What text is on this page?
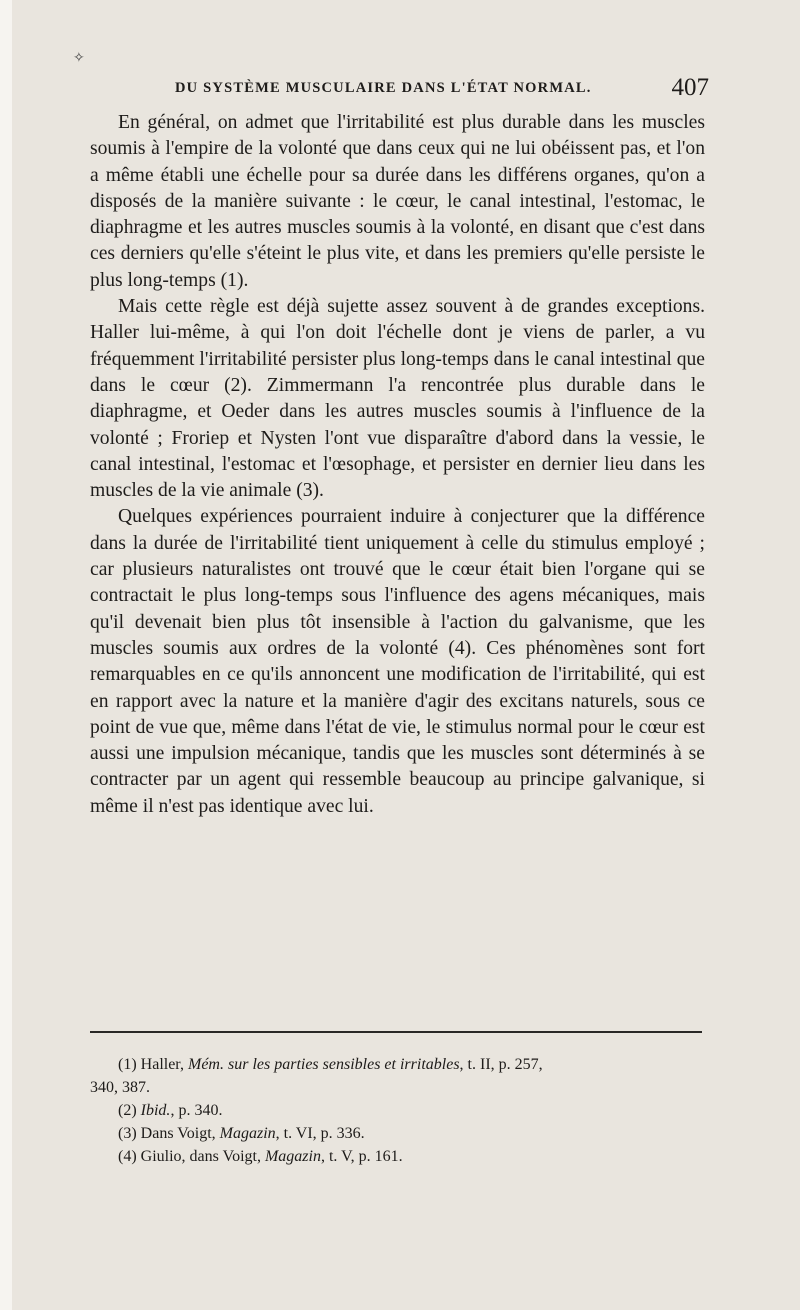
✧
DU SYSTÈME MUSCULAIRE DANS L'ÉTAT NORMAL.	407

En général, on admet que l'irritabilité est plus durable dans les muscles soumis à l'empire de la volonté que dans ceux qui ne lui obéissent pas, et l'on a même établi une échelle pour sa durée dans les différens organes, qu'on a disposés de la manière suivante : le cœur, le canal intestinal, l'estomac, le diaphragme et les autres muscles soumis à la volonté, en disant que c'est dans ces derniers qu'elle s'éteint le plus vite, et dans les premiers qu'elle persiste le plus long-temps (1).

Mais cette règle est déjà sujette assez souvent à de grandes exceptions. Haller lui-même, à qui l'on doit l'échelle dont je viens de parler, a vu fréquemment l'irritabilité persister plus long-temps dans le canal intestinal que dans le cœur (2). Zimmermann l'a rencontrée plus durable dans le diaphragme, et Oeder dans les autres muscles soumis à l'influence de la volonté ; Froriep et Nysten l'ont vue disparaître d'abord dans la vessie, le canal intestinal, l'estomac et l'œsophage, et persister en dernier lieu dans les muscles de la vie animale (3).

Quelques expériences pourraient induire à conjecturer que la différence dans la durée de l'irritabilité tient uniquement à celle du stimulus employé ; car plusieurs naturalistes ont trouvé que le cœur était bien l'organe qui se contractait le plus long-temps sous l'influence des agens mécaniques, mais qu'il devenait bien plus tôt insensible à l'action du galvanisme, que les muscles soumis aux ordres de la volonté (4). Ces phénomènes sont fort remarquables en ce qu'ils annoncent une modification de l'irritabilité, qui est en rapport avec la nature et la manière d'agir des excitans naturels, sous ce point de vue que, même dans l'état de vie, le stimulus normal pour le cœur est aussi une impulsion mécanique, tandis que les muscles sont déterminés à se contracter par un agent qui ressemble beaucoup au principe galvanique, si même il n'est pas identique avec lui.

(1) Haller, Mém. sur les parties sensibles et irritables, t. II, p. 257,

340, 387.

(2) Ibid., p. 340.

(3) Dans Voigt, Magazin, t. VI, p. 336.

(4) Giulio, dans Voigt, Magazin, t. V, p. 161.
